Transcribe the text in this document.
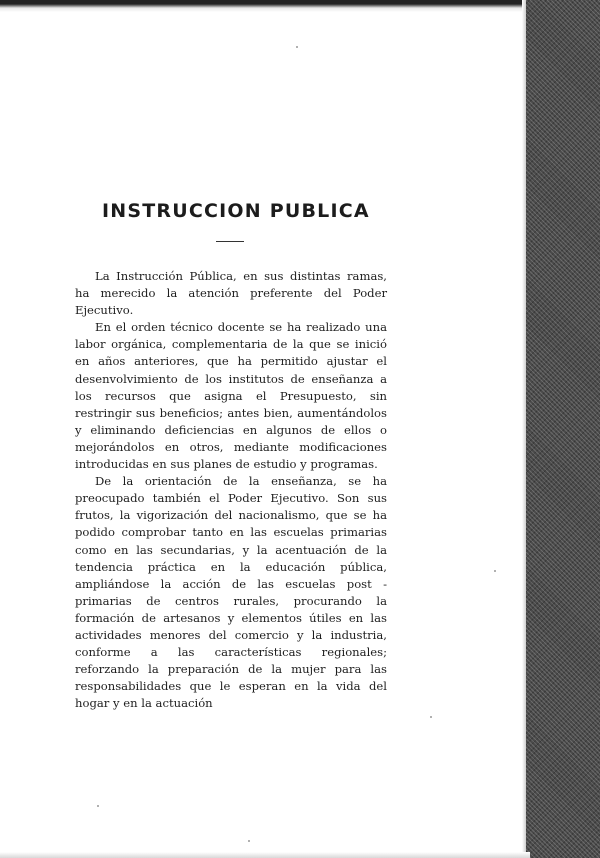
INSTRUCCION PUBLICA

La Instrucción Pública, en sus distintas ramas, ha merecido la atención preferente del Poder Ejecutivo.

En el orden técnico docente se ha realizado una labor orgánica, complementaria de la que se inició en años anteriores, que ha permitido ajustar el desenvolvimiento de los institutos de enseñanza a los recursos que asigna el Presupuesto, sin restringir sus beneficios; antes bien, aumentándolos y eliminando deficiencias en algunos de ellos o mejorándolos en otros, mediante modificaciones introducidas en sus planes de estudio y programas.

De la orientación de la enseñanza, se ha preocupado también el Poder Ejecutivo. Son sus frutos, la vigorización del nacionalismo, que se ha podido comprobar tanto en las escuelas primarias como en las secundarias, y la acentuación de la tendencia práctica en la educación pública, ampliándose la acción de las escuelas post - primarias de centros rurales, procurando la formación de artesanos y elementos útiles en las actividades menores del comercio y la industria, conforme a las características regionales; reforzando la preparación de la mujer para las responsabilidades que le esperan en la vida del hogar y en la actuación
